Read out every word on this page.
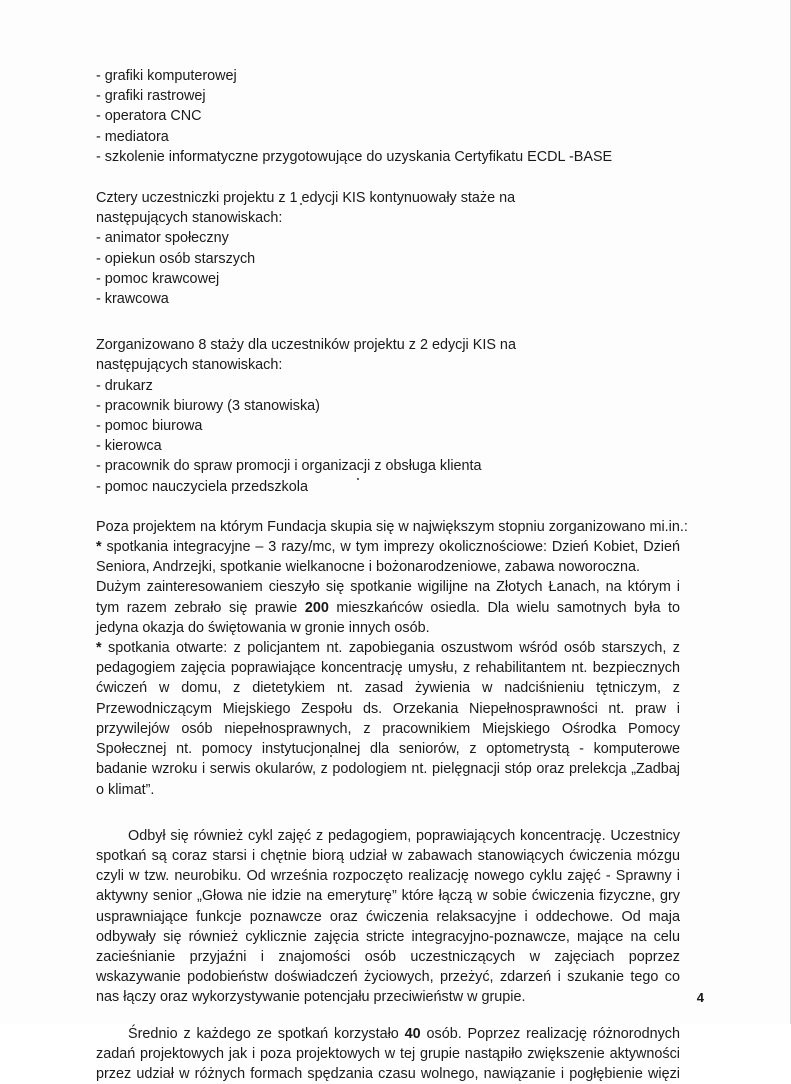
- grafiki komputerowej

- grafiki rastrowej

- operatora CNC

- mediatora

- szkolenie informatyczne przygotowujące do uzyskania Certyfikatu ECDL -BASE

Cztery uczestniczki projektu z 1 edycji KIS kontynuowały staże na następujących stanowiskach:

- animator społeczny

- opiekun osób starszych

- pomoc krawcowej

- krawcowa

Zorganizowano 8 staży dla uczestników projektu z 2 edycji KIS na następujących stanowiskach:

- drukarz

- pracownik biurowy (3 stanowiska)

- pomoc biurowa

- kierowca

- pracownik do spraw promocji i organizacji z obsługa klienta

- pomoc nauczyciela przedszkola

Poza projektem na którym Fundacja skupia się w największym stopniu zorganizowano mi.in.:

* spotkania integracyjne – 3 razy/mc, w tym imprezy okolicznościowe: Dzień Kobiet, Dzień Seniora, Andrzejki, spotkanie wielkanocne i bożonarodzeniowe, zabawa noworoczna.

Dużym zainteresowaniem cieszyło się spotkanie wigilijne na Złotych Łanach, na którym i tym razem zebrało się prawie 200 mieszkańców osiedla. Dla wielu samotnych była to jedyna okazja do świętowania w gronie innych osób.

* spotkania otwarte: z policjantem nt. zapobiegania oszustwom wśród osób starszych, z pedagogiem zajęcia poprawiające koncentrację umysłu, z rehabilitantem nt. bezpiecznych ćwiczeń w domu, z dietetykiem nt. zasad żywienia w nadciśnieniu tętniczym, z Przewodniczącym Miejskiego Zespołu ds. Orzekania Niepełnosprawności nt. praw i przywilejów osób niepełnosprawnych, z pracownikiem Miejskiego Ośrodka Pomocy Społecznej nt. pomocy instytucjonalnej dla seniorów, z optometrystą - komputerowe badanie wzroku i serwis okularów, z podologiem nt. pielęgnacji stóp oraz prelekcja „Zadbaj o klimat”.

Odbył się również cykl zajęć z pedagogiem, poprawiających koncentrację. Uczestnicy spotkań są coraz starsi i chętnie biorą udział w zabawach stanowiących ćwiczenia mózgu czyli w tzw. neurobiku. Od września rozpoczęto realizację nowego cyklu zajęć - Sprawny i aktywny senior „Głowa nie idzie na emeryturę” które łączą w sobie ćwiczenia fizyczne, gry usprawniające funkcje poznawcze oraz ćwiczenia relaksacyjne i oddechowe. Od maja odbywały się również cyklicznie zajęcia stricte integracyjno-poznawcze, mające na celu zacieśnianie przyjaźni i znajomości osób uczestniczących w zajęciach poprzez wskazywanie podobieństw doświadczeń życiowych, przeżyć, zdarzeń i szukanie tego co nas łączy oraz wykorzystywanie potencjału przeciwieństw w grupie.

Średnio z każdego ze spotkań korzystało 40 osób. Poprzez realizację różnorodnych zadań projektowych jak i poza projektowych w tej grupie nastąpiło zwiększenie aktywności przez udział w różnych formach spędzania czasu wolnego, nawiązanie i pogłębienie więzi

4
